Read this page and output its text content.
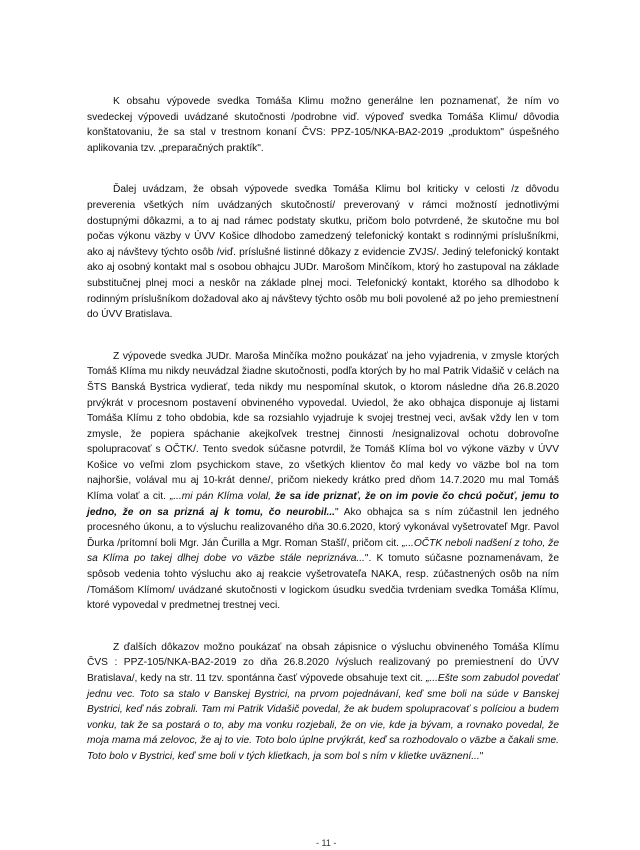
K obsahu výpovede svedka Tomáša Klimu možno generálne len poznamenať, že ním vo svedeckej výpovedi uvádzané skutočnosti /podrobne viď. výpoveď svedka Tomáša Klimu/ dôvodia konštatovaniu, že sa stal v trestnom konaní ČVS: PPZ-105/NKA-BA2-2019 „produktom" úspešného aplikovania tzv. „preparačných praktík".

Ďalej uvádzam, že obsah výpovede svedka Tomáša Klimu bol kriticky v celosti /z dôvodu preverenia všetkých ním uvádzaných skutočností/ preverovaný v rámci možností jednotlivými dostupnými dôkazmi, a to aj nad rámec podstaty skutku, pričom bolo potvrdené, že skutočne mu bol počas výkonu väzby v ÚVV Košice dlhodobo zamedzený telefonický kontakt s rodinnými príslušníkmi, ako aj návštevy týchto osôb /viď. príslušné listinné dôkazy z evidencie ZVJS/. Jediný telefonický kontakt ako aj osobný kontakt mal s osobou obhajcu JUDr. Marošom Minčíkom, ktorý ho zastupoval na základe substitučnej plnej moci a neskôr na základe plnej moci. Telefonický kontakt, ktorého sa dlhodobo k rodinným príslušníkom dožadoval ako aj návštevy týchto osôb mu boli povolené až po jeho premiestnení do ÚVV Bratislava.

Z výpovede svedka JUDr. Maroša Minčíka možno poukázať na jeho vyjadrenia, v zmysle ktorých Tomáš Klíma mu nikdy neuvádzal žiadne skutočnosti, podľa ktorých by ho mal Patrik Vidašič v celách na ŠTS Banská Bystrica vydierať, teda nikdy mu nespomínal skutok, o ktorom následne dňa 26.8.2020 prvýkrát v procesnom postavení obvineného vypovedal. Uviedol, že ako obhajca disponuje aj listami Tomáša Klímu z toho obdobia, kde sa rozsiahlo vyjadruje k svojej trestnej veci, avšak vždy len v tom zmysle, že popiera spáchanie akejkoľvek trestnej činnosti /nesignalizoval ochotu dobrovoľne spolupracovať s OČTK/. Tento svedok súčasne potvrdil, že Tomáš Klíma bol vo výkone väzby v ÚVV Košice vo veľmi zlom psychickom stave, zo všetkých klientov čo mal kedy vo väzbe bol na tom najhoršie, volával mu aj 10-krát denne/, pričom niekedy krátko pred dňom 14.7.2020 mu mal Tomáš Klíma volať a cit. „...mi pán Klíma volal, že sa ide priznať, že on im povie čo chcú počuť, jemu to jedno, že on sa prizná aj k tomu, čo neurobil..." Ako obhajca sa s ním zúčastnil len jedného procesného úkonu, a to výsluchu realizovaného dňa 30.6.2020, ktorý vykonával vyšetrovateľ Mgr. Pavol Ďurka /prítomní boli Mgr. Ján Čurilla a Mgr. Roman Stašľ/, pričom cit. „...OČTK neboli nadšení z toho, že sa Klíma po takej dlhej dobe vo väzbe stále nepriznáva...". K tomuto súčasne poznamenávam, že spôsob vedenia tohto výsluchu ako aj reakcie vyšetrovateľa NAKA, resp. zúčastnených osôb na ním /Tomášom Klímom/ uvádzané skutočnosti v logickom úsudku svedčia tvrdeniam svedka Tomáša Klímu, ktoré vypovedal v predmetnej trestnej veci.

Z ďalších dôkazov možno poukázať na obsah zápisnice o výsluchu obvineného Tomáša Klímu ČVS : PPZ-105/NKA-BA2-2019 zo dňa 26.8.2020 /výsluch realizovaný po premiestnení do ÚVV Bratislava/, kedy na str. 11 tzv. spontánna časť výpovede obsahuje text cit. „...Ešte som zabudol povedať jednu vec. Toto sa stalo v Banskej Bystrici, na prvom pojednávaní, keď sme boli na súde v Banskej Bystrici, keď nás zobrali. Tam mi Patrik Vidašič povedal, že ak budem spolupracovať s políciou a budem vonku, tak že sa postará o to, aby ma vonku rozjebali, že on vie, kde ja bývam, a rovnako povedal, že moja mama má zelovoc, že aj to vie. Toto bolo úplne prvýkrát, keď sa rozhodovalo o väzbe a čakali sme. Toto bolo v Bystrici, keď sme boli v tých klietkach, ja som bol s ním v klietke uväznení..."

- 11 -
